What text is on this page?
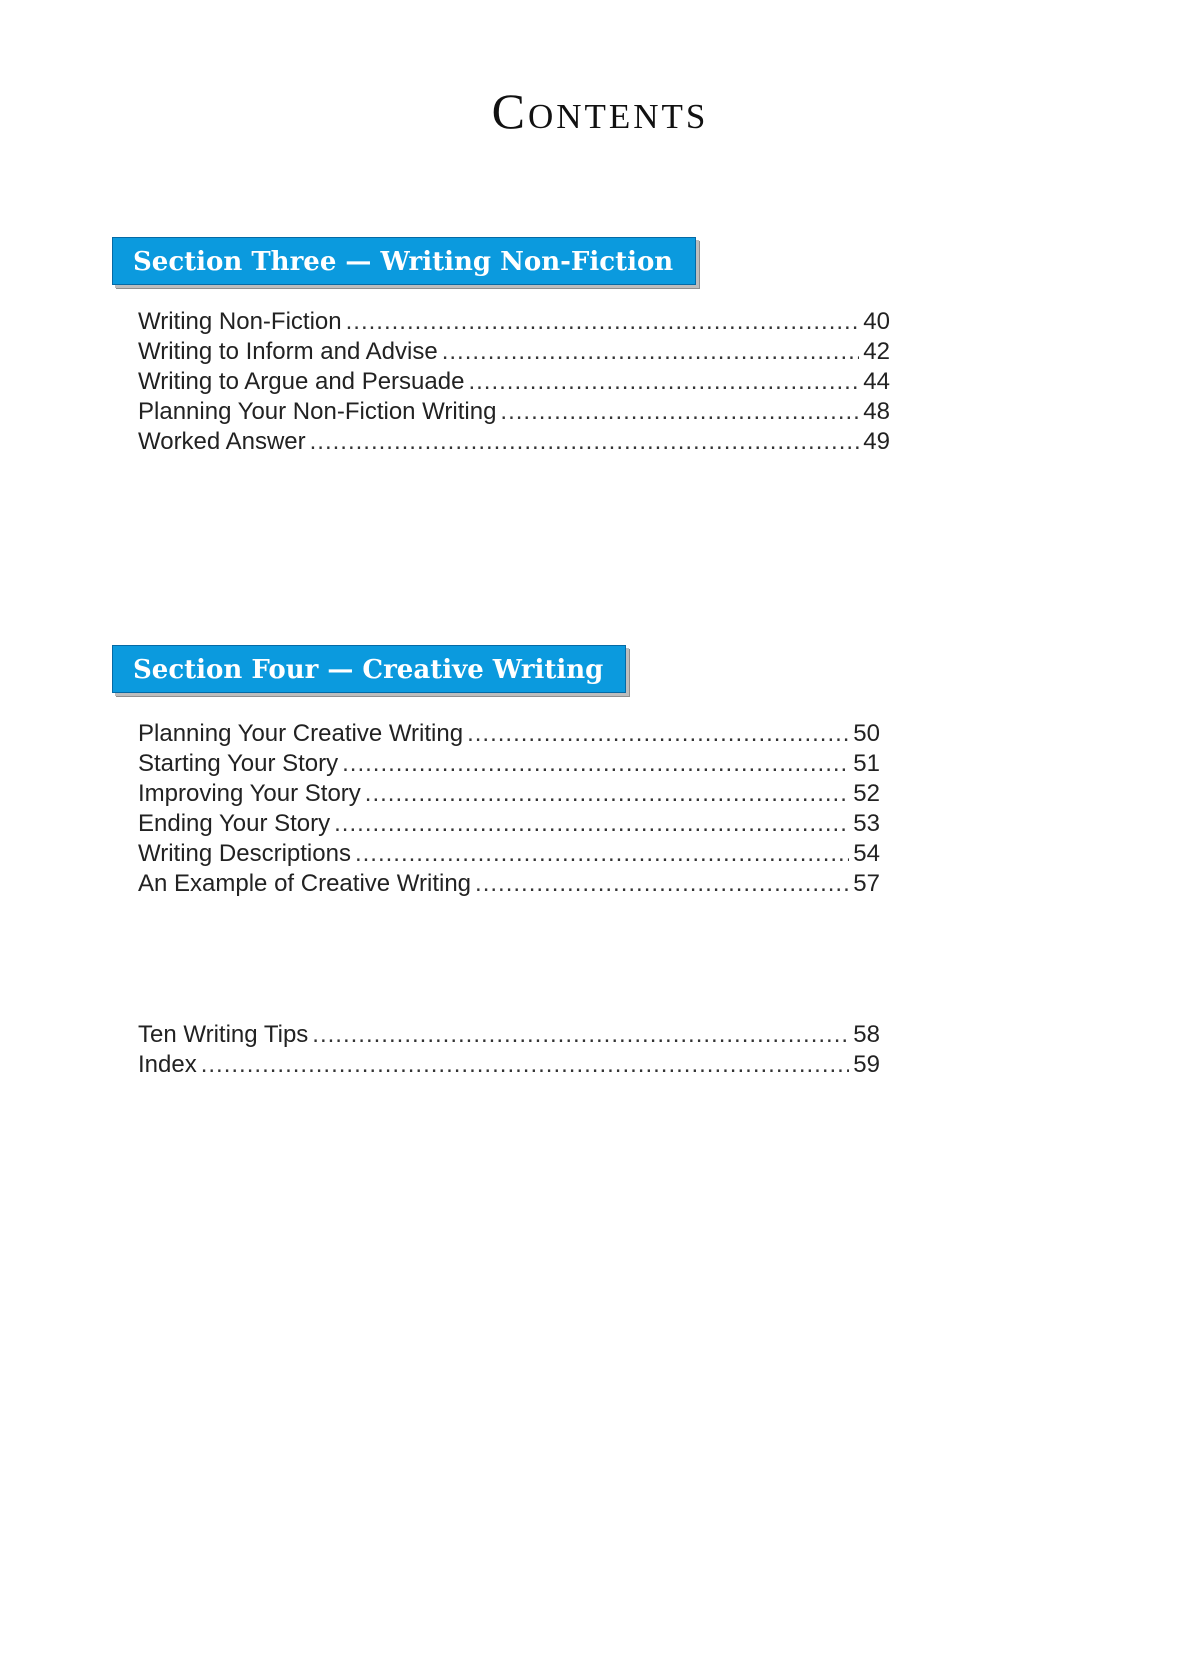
Contents
Section Three — Writing Non-Fiction
Writing Non-Fiction .....	40
Writing to Inform and Advise .....	42
Writing to Argue and Persuade .....	44
Planning Your Non-Fiction Writing .....	48
Worked Answer .....	49
Section Four — Creative Writing
Planning Your Creative Writing .....	50
Starting Your Story .....	51
Improving Your Story .....	52
Ending Your Story .....	53
Writing Descriptions .....	54
An Example of Creative Writing .....	57
Ten Writing Tips .....	58
Index .....	59
